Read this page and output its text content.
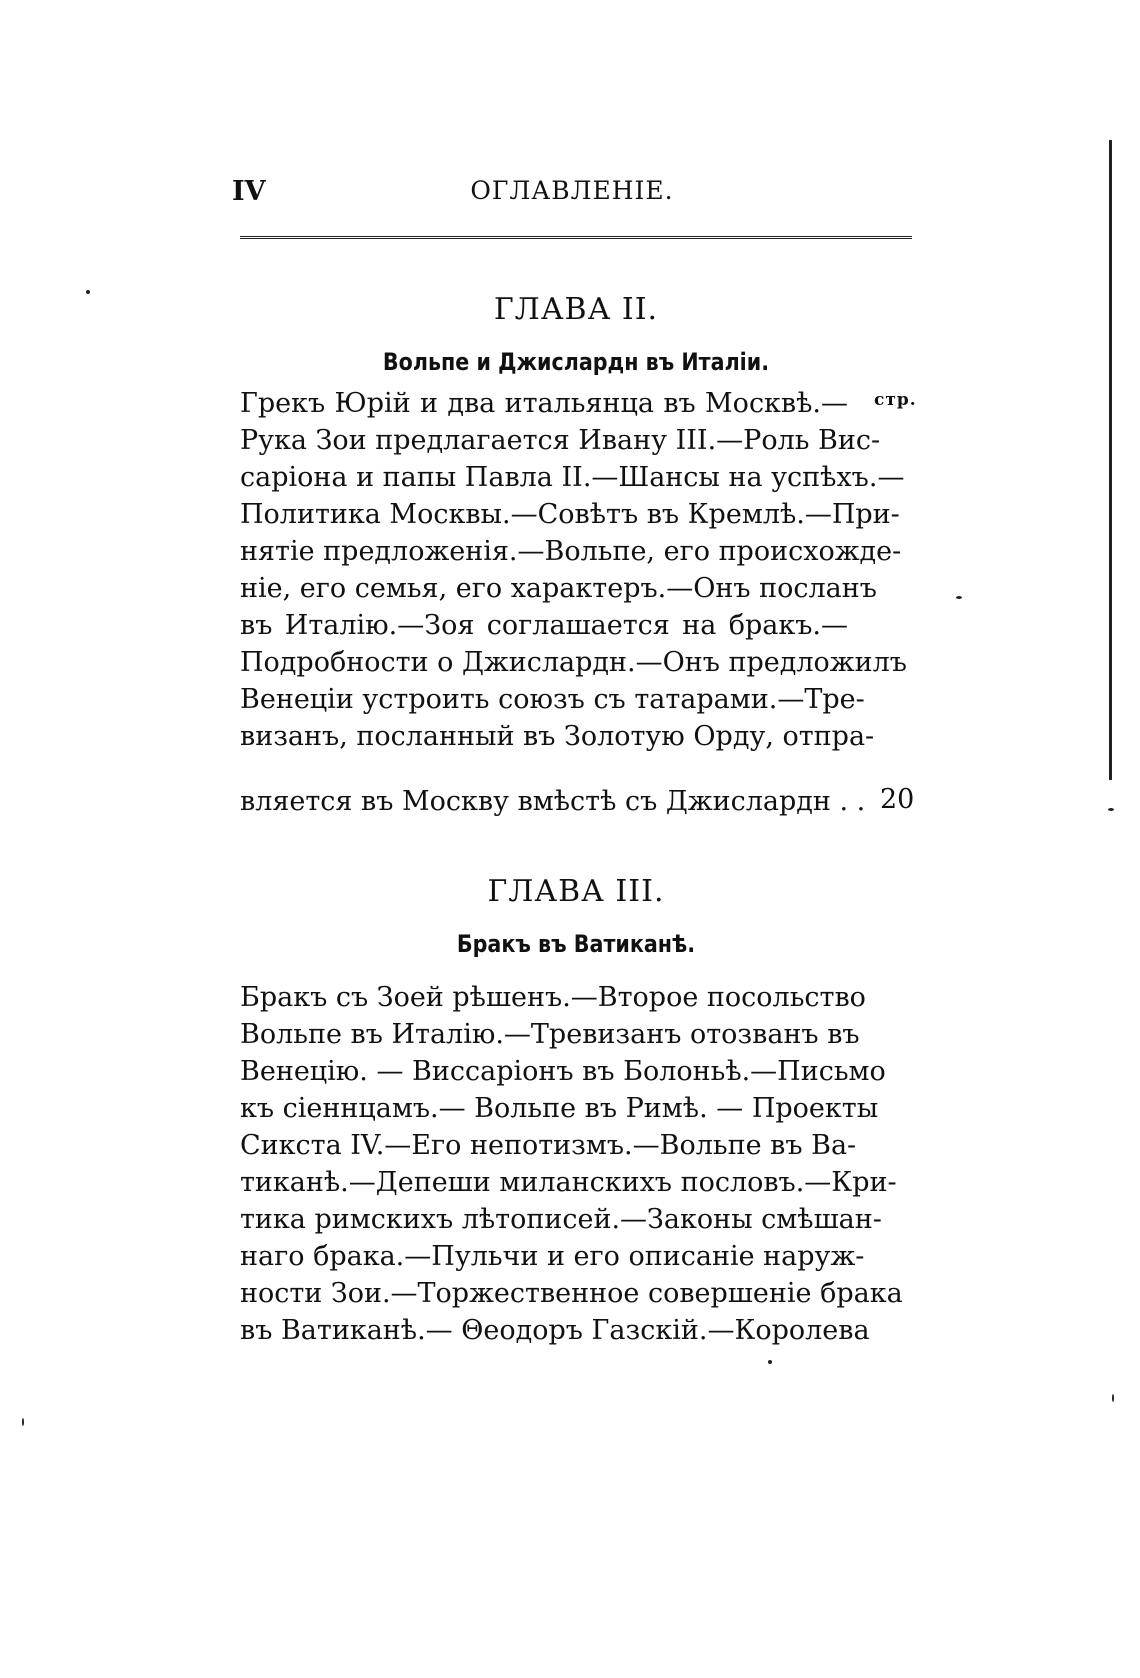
IV	ОГЛАВЛЕНІЕ.
ГЛАВА II.
Вольпе и Джислардн въ Италіи.
стр.
Грекъ Юрій и два итальянца въ Москвѣ.—
Рука Зои предлагается Ивану III.—Роль Вис-
саріона и папы Павла II.—Шансы на успѣхъ.—
Политика Москвы.—Совѣтъ въ Кремлѣ.—При-
нятіе предложенія.—Вольпе, его происхожде-
ніе, его семья, его характеръ.—Онъ посланъ
въ Италію.—Зоя соглашается на бракъ.—
Подробности о Джислардн.—Онъ предложилъ
Венеціи устроить союзъ съ татарами.—Тре-
визанъ, посланный въ Золотую Орду, отпра-
вляется въ Москву вмѣстѣ съ Джислардн . . 20
ГЛАВА III.
Бракъ въ Ватиканѣ.
Бракъ съ Зоей рѣшенъ.—Второе посольство
Вольпе въ Италію.—Тревизанъ отозванъ въ
Венецію. — Виссаріонъ въ Болоньѣ.—Письмо
къ сіеннцамъ.— Вольпе въ Римѣ. — Проекты
Сикста IV.—Его непотизмъ.—Вольпе въ Ва-
тиканѣ.—Депеши миланскихъ пословъ.—Кри-
тика римскихъ лѣтописей.—Законы смѣшан-
наго брака.—Пульчи и его описаніе наруж-
ности Зои.—Торжественное совершеніе брака
въ Ватиканѣ.— Θеодоръ Газскій.—Королева
